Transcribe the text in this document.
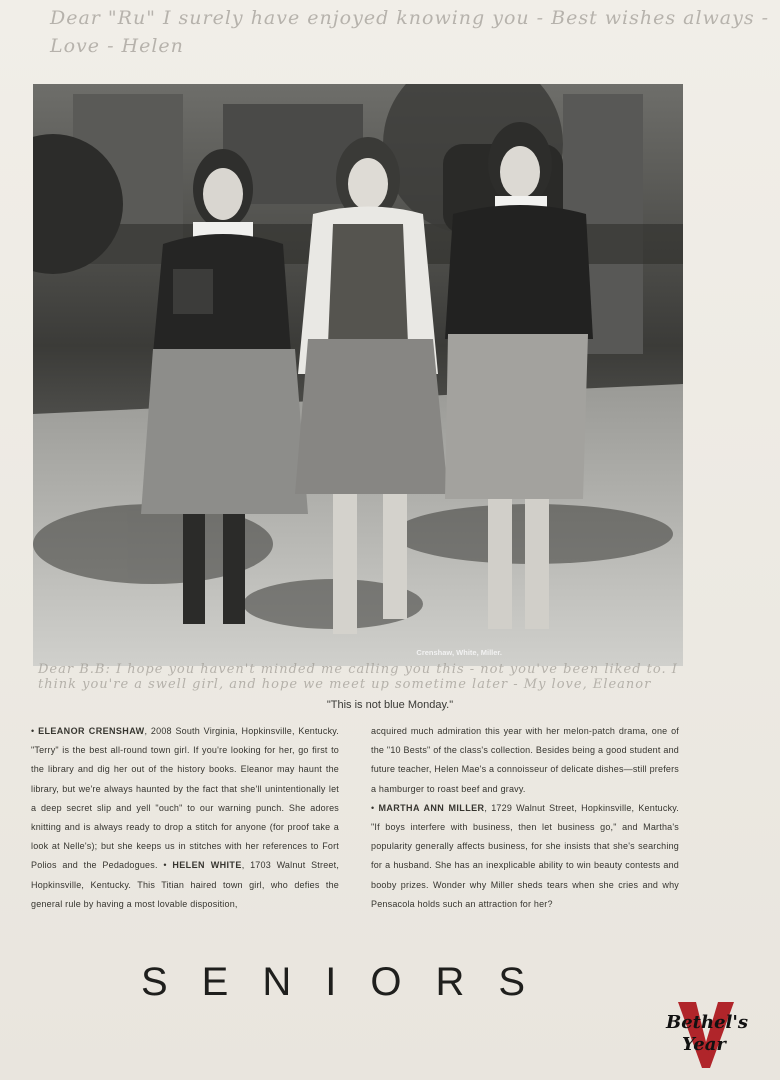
Dear "Ru" I surely have enjoyed knowing you - Best wishes always - Love - Helen
Crenshaw, White, Miller.
Dear B.B: I hope you haven't minded me calling you this - not you've been liked to. I think you're a swell girl, and hope we meet up sometime later - My love, Eleanor
"This is not blue Monday."

• ELEANOR CRENSHAW, 2008 South Virginia, Hopkinsville, Kentucky. "Terry" is the best all-round town girl. If you're looking for her, go first to the library and dig her out of the history books. Eleanor may haunt the library, but we're always haunted by the fact that she'll unintentionally let a deep secret slip and yell "ouch" to our warning punch. She adores knitting and is always ready to drop a stitch for anyone (for proof take a look at Nelle's); but she keeps us in stitches with her references to Fort Polios and the Pedadogues. • HELEN WHITE, 1703 Walnut Street, Hopkinsville, Kentucky. This Titian haired town girl, who defies the general rule by having a most lovable disposition,

acquired much admiration this year with her melon-patch drama, one of the "10 Bests" of the class's collection. Besides being a good student and future teacher, Helen Mae's a connoisseur of delicate dishes—still prefers a hamburger to roast beef and gravy.

• MARTHA ANN MILLER, 1729 Walnut Street, Hopkinsville, Kentucky. "If boys interfere with business, then let business go," and Martha's popularity generally affects business, for she insists that she's searching for a husband. She has an inexplicable ability to win beauty contests and booby prizes. Wonder why Miller sheds tears when she cries and why Pensacola holds such an attraction for her?

SENIORS
Bethel's
Year
